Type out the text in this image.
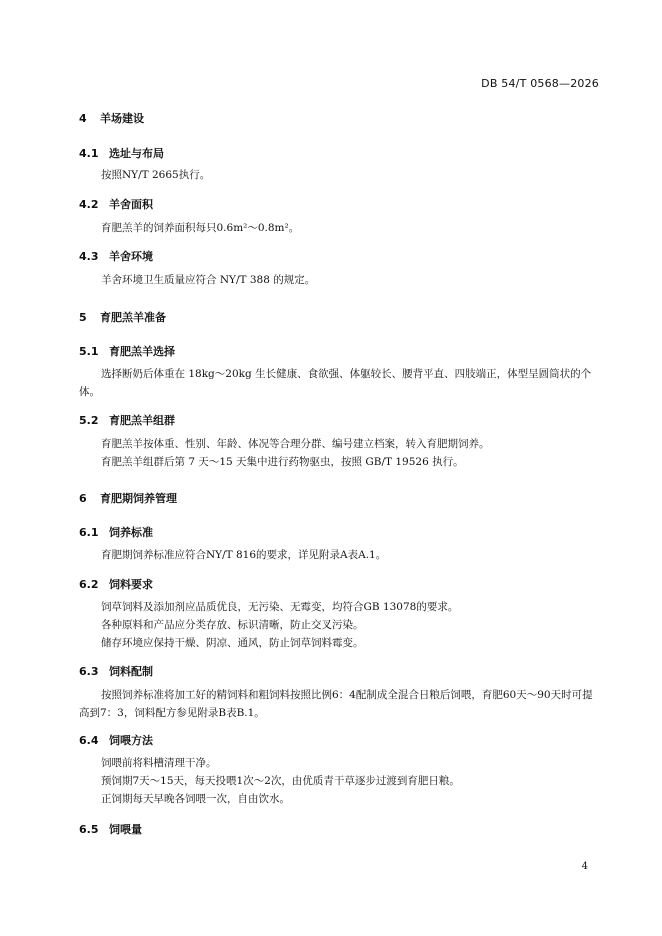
DB 54/T 0568—2026
4 羊场建设
4.1 选址与布局
按照NY/T 2665执行。
4.2 羊舍面积
育肥羔羊的饲养面积每只0.6m²～0.8m²。
4.3 羊舍环境
羊舍环境卫生质量应符合 NY/T 388 的规定。
5 育肥羔羊准备
5.1 育肥羔羊选择
选择断奶后体重在 18kg～20kg 生长健康、食欲强、体躯较长、腰背平直、四肢端正，体型呈圆筒状的个体。
5.2 育肥羔羊组群
育肥羔羊按体重、性别、年龄、体况等合理分群、编号建立档案，转入育肥期饲养。
育肥羔羊组群后第 7 天～15 天集中进行药物驱虫，按照 GB/T 19526 执行。
6 育肥期饲养管理
6.1 饲养标准
育肥期饲养标准应符合NY/T 816的要求，详见附录A表A.1。
6.2 饲料要求
饲草饲料及添加剂应品质优良，无污染、无霉变，均符合GB 13078的要求。
各种原料和产品应分类存放、标识清晰，防止交叉污染。
储存环境应保持干燥、阴凉、通风，防止饲草饲料霉变。
6.3 饲料配制
按照饲养标准将加工好的精饲料和粗饲料按照比例6：4配制成全混合日粮后饲喂，育肥60天～90天时可提高到7：3，饲料配方参见附录B表B.1。
6.4 饲喂方法
饲喂前将料槽清理干净。
预饲期7天～15天，每天投喂1次～2次，由优质青干草逐步过渡到育肥日粮。
正饲期每天早晚各饲喂一次，自由饮水。
6.5 饲喂量
4
